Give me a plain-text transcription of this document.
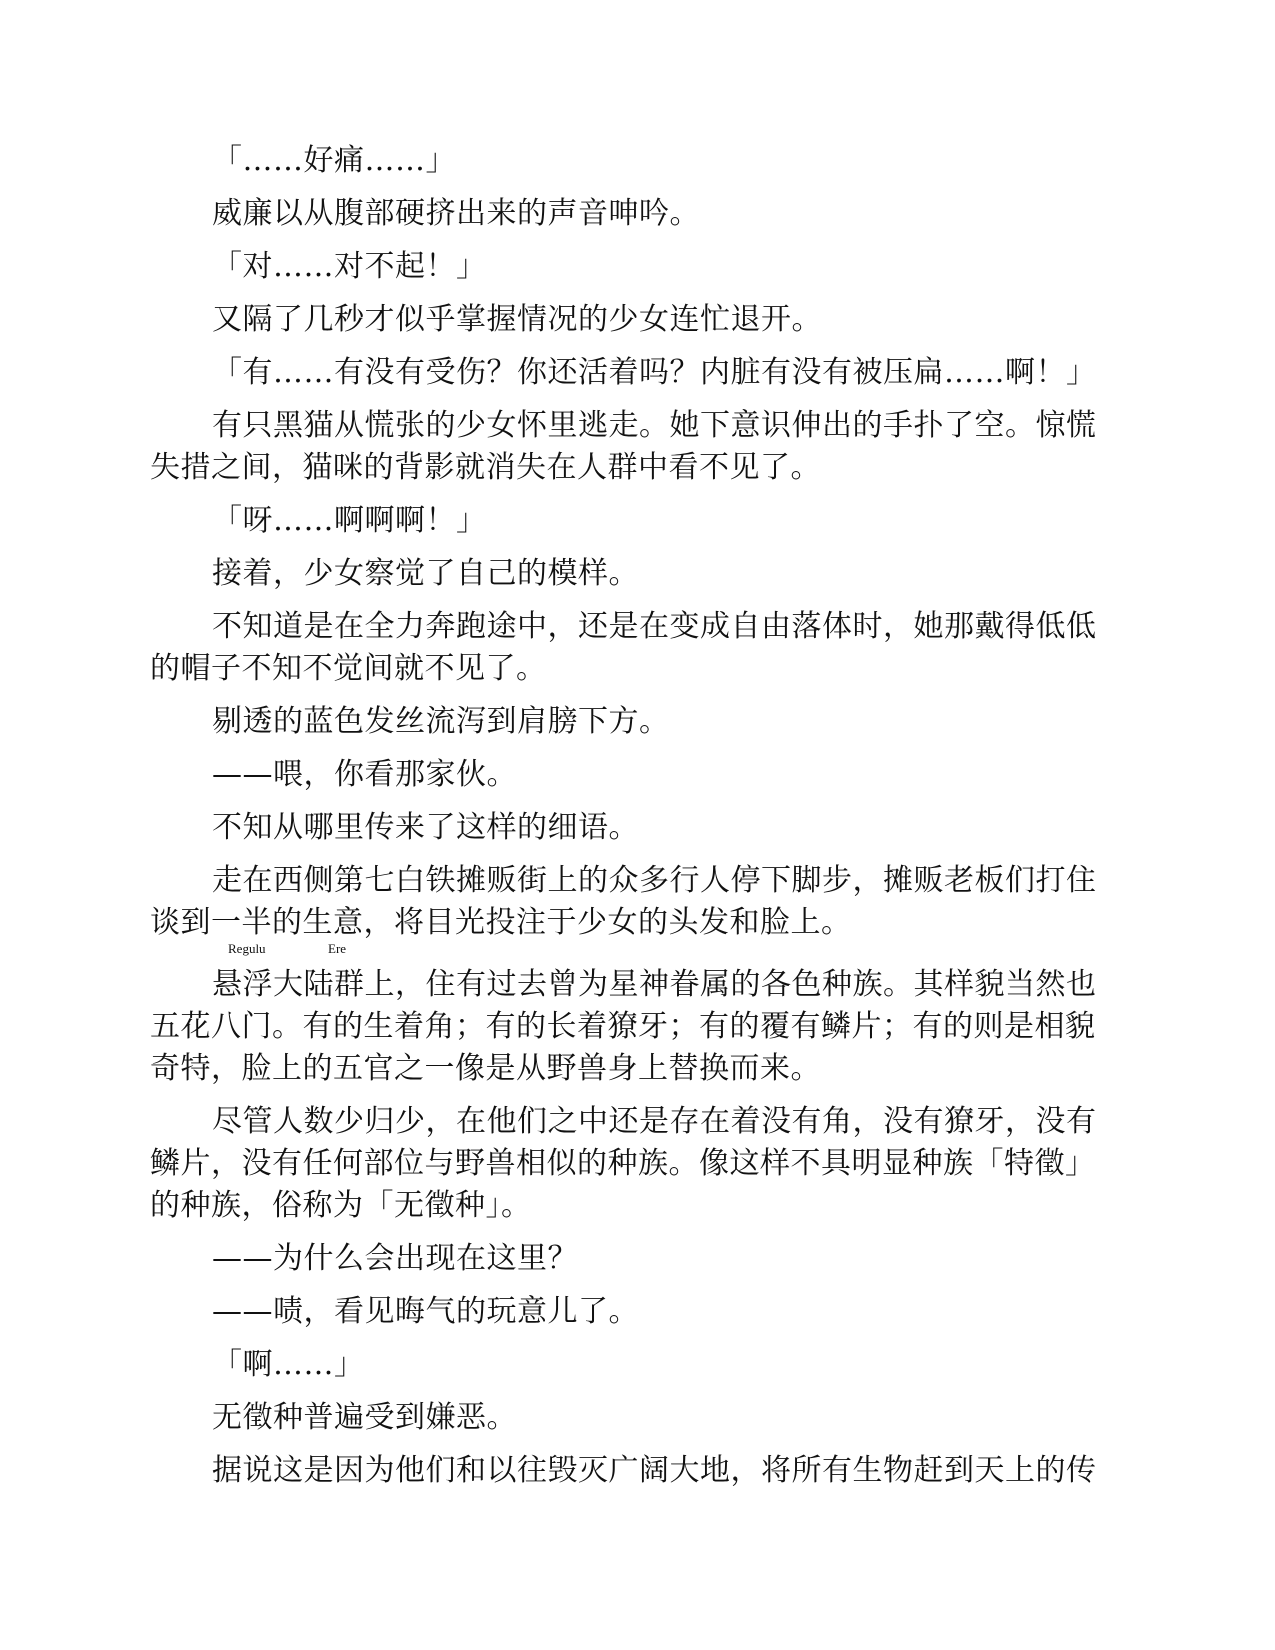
「……好痛……」

威廉以从腹部硬挤出来的声音呻吟。

「对……对不起！」

又隔了几秒才似乎掌握情况的少女连忙退开。

「有……有没有受伤？你还活着吗？内脏有没有被压扁……啊！」

有只黑猫从慌张的少女怀里逃走。她下意识伸出的手扑了空。惊慌失措之间，猫咪的背影就消失在人群中看不见了。

「呀……啊啊啊！」

接着，少女察觉了自己的模样。

不知道是在全力奔跑途中，还是在变成自由落体时，她那戴得低低的帽子不知不觉间就不见了。

剔透的蓝色发丝流泻到肩膀下方。

——喂，你看那家伙。

不知从哪里传来了这样的细语。

走在西侧第七白铁摊贩街上的众多行人停下脚步，摊贩老板们打住谈到一半的生意，将目光投注于少女的头发和脸上。

Regulu	Ere
悬浮大陆群上，住有过去曾为星神眷属的各色种族。其样貌当然也五花八门。有的生着角；有的长着獠牙；有的覆有鳞片；有的则是相貌奇特，脸上的五官之一像是从野兽身上替换而来。

尽管人数少归少，在他们之中还是存在着没有角，没有獠牙，没有鳞片，没有任何部位与野兽相似的种族。像这样不具明显种族「特徵」的种族，俗称为「无徵种」。

——为什么会出现在这里？

——啧，看见晦气的玩意儿了。

「啊……」

无徵种普遍受到嫌恶。

据说这是因为他们和以往毁灭广阔大地，将所有生物赶到天上的传
